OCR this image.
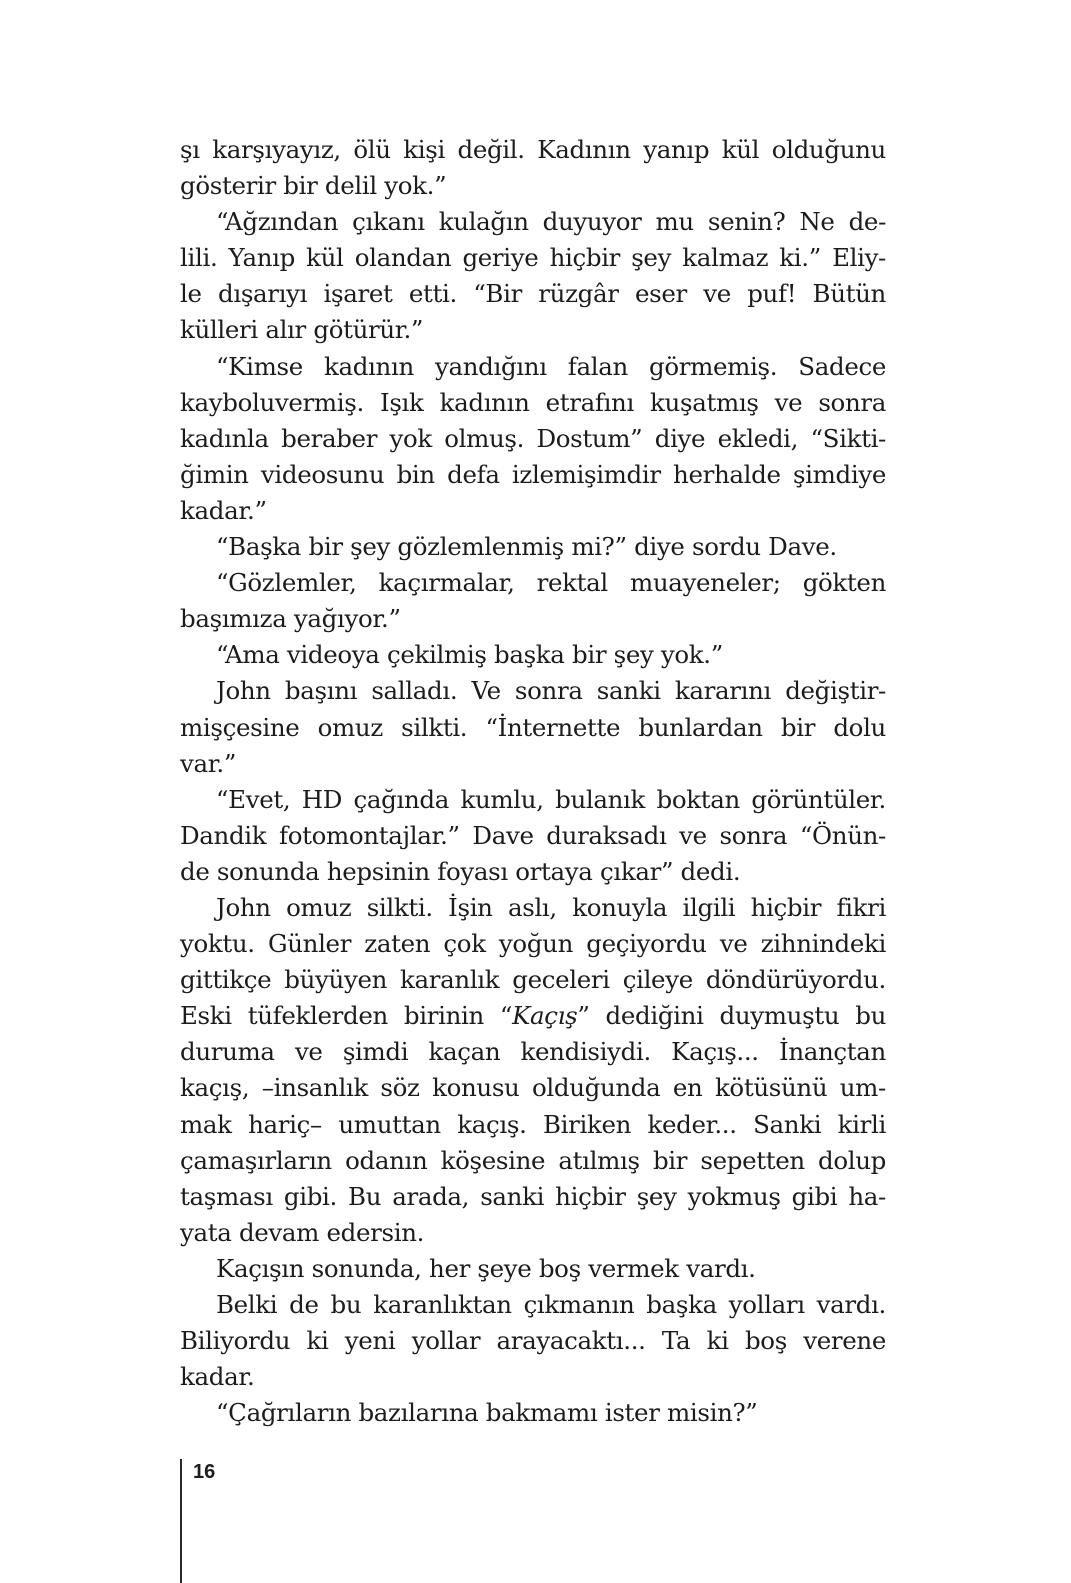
şı karşıyayız, ölü kişi değil. Kadının yanıp kül olduğunu
gösterir bir delil yok.”
“Ağzından çıkanı kulağın duyuyor mu senin? Ne de-
lili. Yanıp kül olandan geriye hiçbir şey kalmaz ki.” Eliy-
le dışarıyı işaret etti. “Bir rüzgâr eser ve puf! Bütün
külleri alır götürür.”
“Kimse kadının yandığını falan görmemiş. Sadece
kayboluvermiş. Işık kadının etrafını kuşatmış ve sonra
kadınla beraber yok olmuş. Dostum” diye ekledi, “Sikti-
ğimin videosunu bin defa izlemişimdir herhalde şimdiye
kadar.”
“Başka bir şey gözlemlenmiş mi?” diye sordu Dave.
“Gözlemler, kaçırmalar, rektal muayeneler; gökten
başımıza yağıyor.”
“Ama videoya çekilmiş başka bir şey yok.”
John başını salladı. Ve sonra sanki kararını değiştir-
mişçesine omuz silkti. “İnternette bunlardan bir dolu
var.”
“Evet, HD çağında kumlu, bulanık boktan görüntüler.
Dandik fotomontajlar.” Dave duraksadı ve sonra “Önün-
de sonunda hepsinin foyası ortaya çıkar” dedi.
John omuz silkti. İşin aslı, konuyla ilgili hiçbir fikri
yoktu. Günler zaten çok yoğun geçiyordu ve zihnindeki
gittikçe büyüyen karanlık geceleri çileye döndürüyordu.
Eski tüfeklerden birinin “Kaçış” dediğini duymuştu bu
duruma ve şimdi kaçan kendisiydi. Kaçış... İnançtan
kaçış, –insanlık söz konusu olduğunda en kötüsünü um-
mak hariç– umuttan kaçış. Biriken keder... Sanki kirli
çamaşırların odanın köşesine atılmış bir sepetten dolup
taşması gibi. Bu arada, sanki hiçbir şey yokmuş gibi ha-
yata devam edersin.
Kaçışın sonunda, her şeye boş vermek vardı.
Belki de bu karanlıktan çıkmanın başka yolları vardı.
Biliyordu ki yeni yollar arayacaktı... Ta ki boş verene
kadar.
“Çağrıların bazılarına bakmamı ister misin?”
16
